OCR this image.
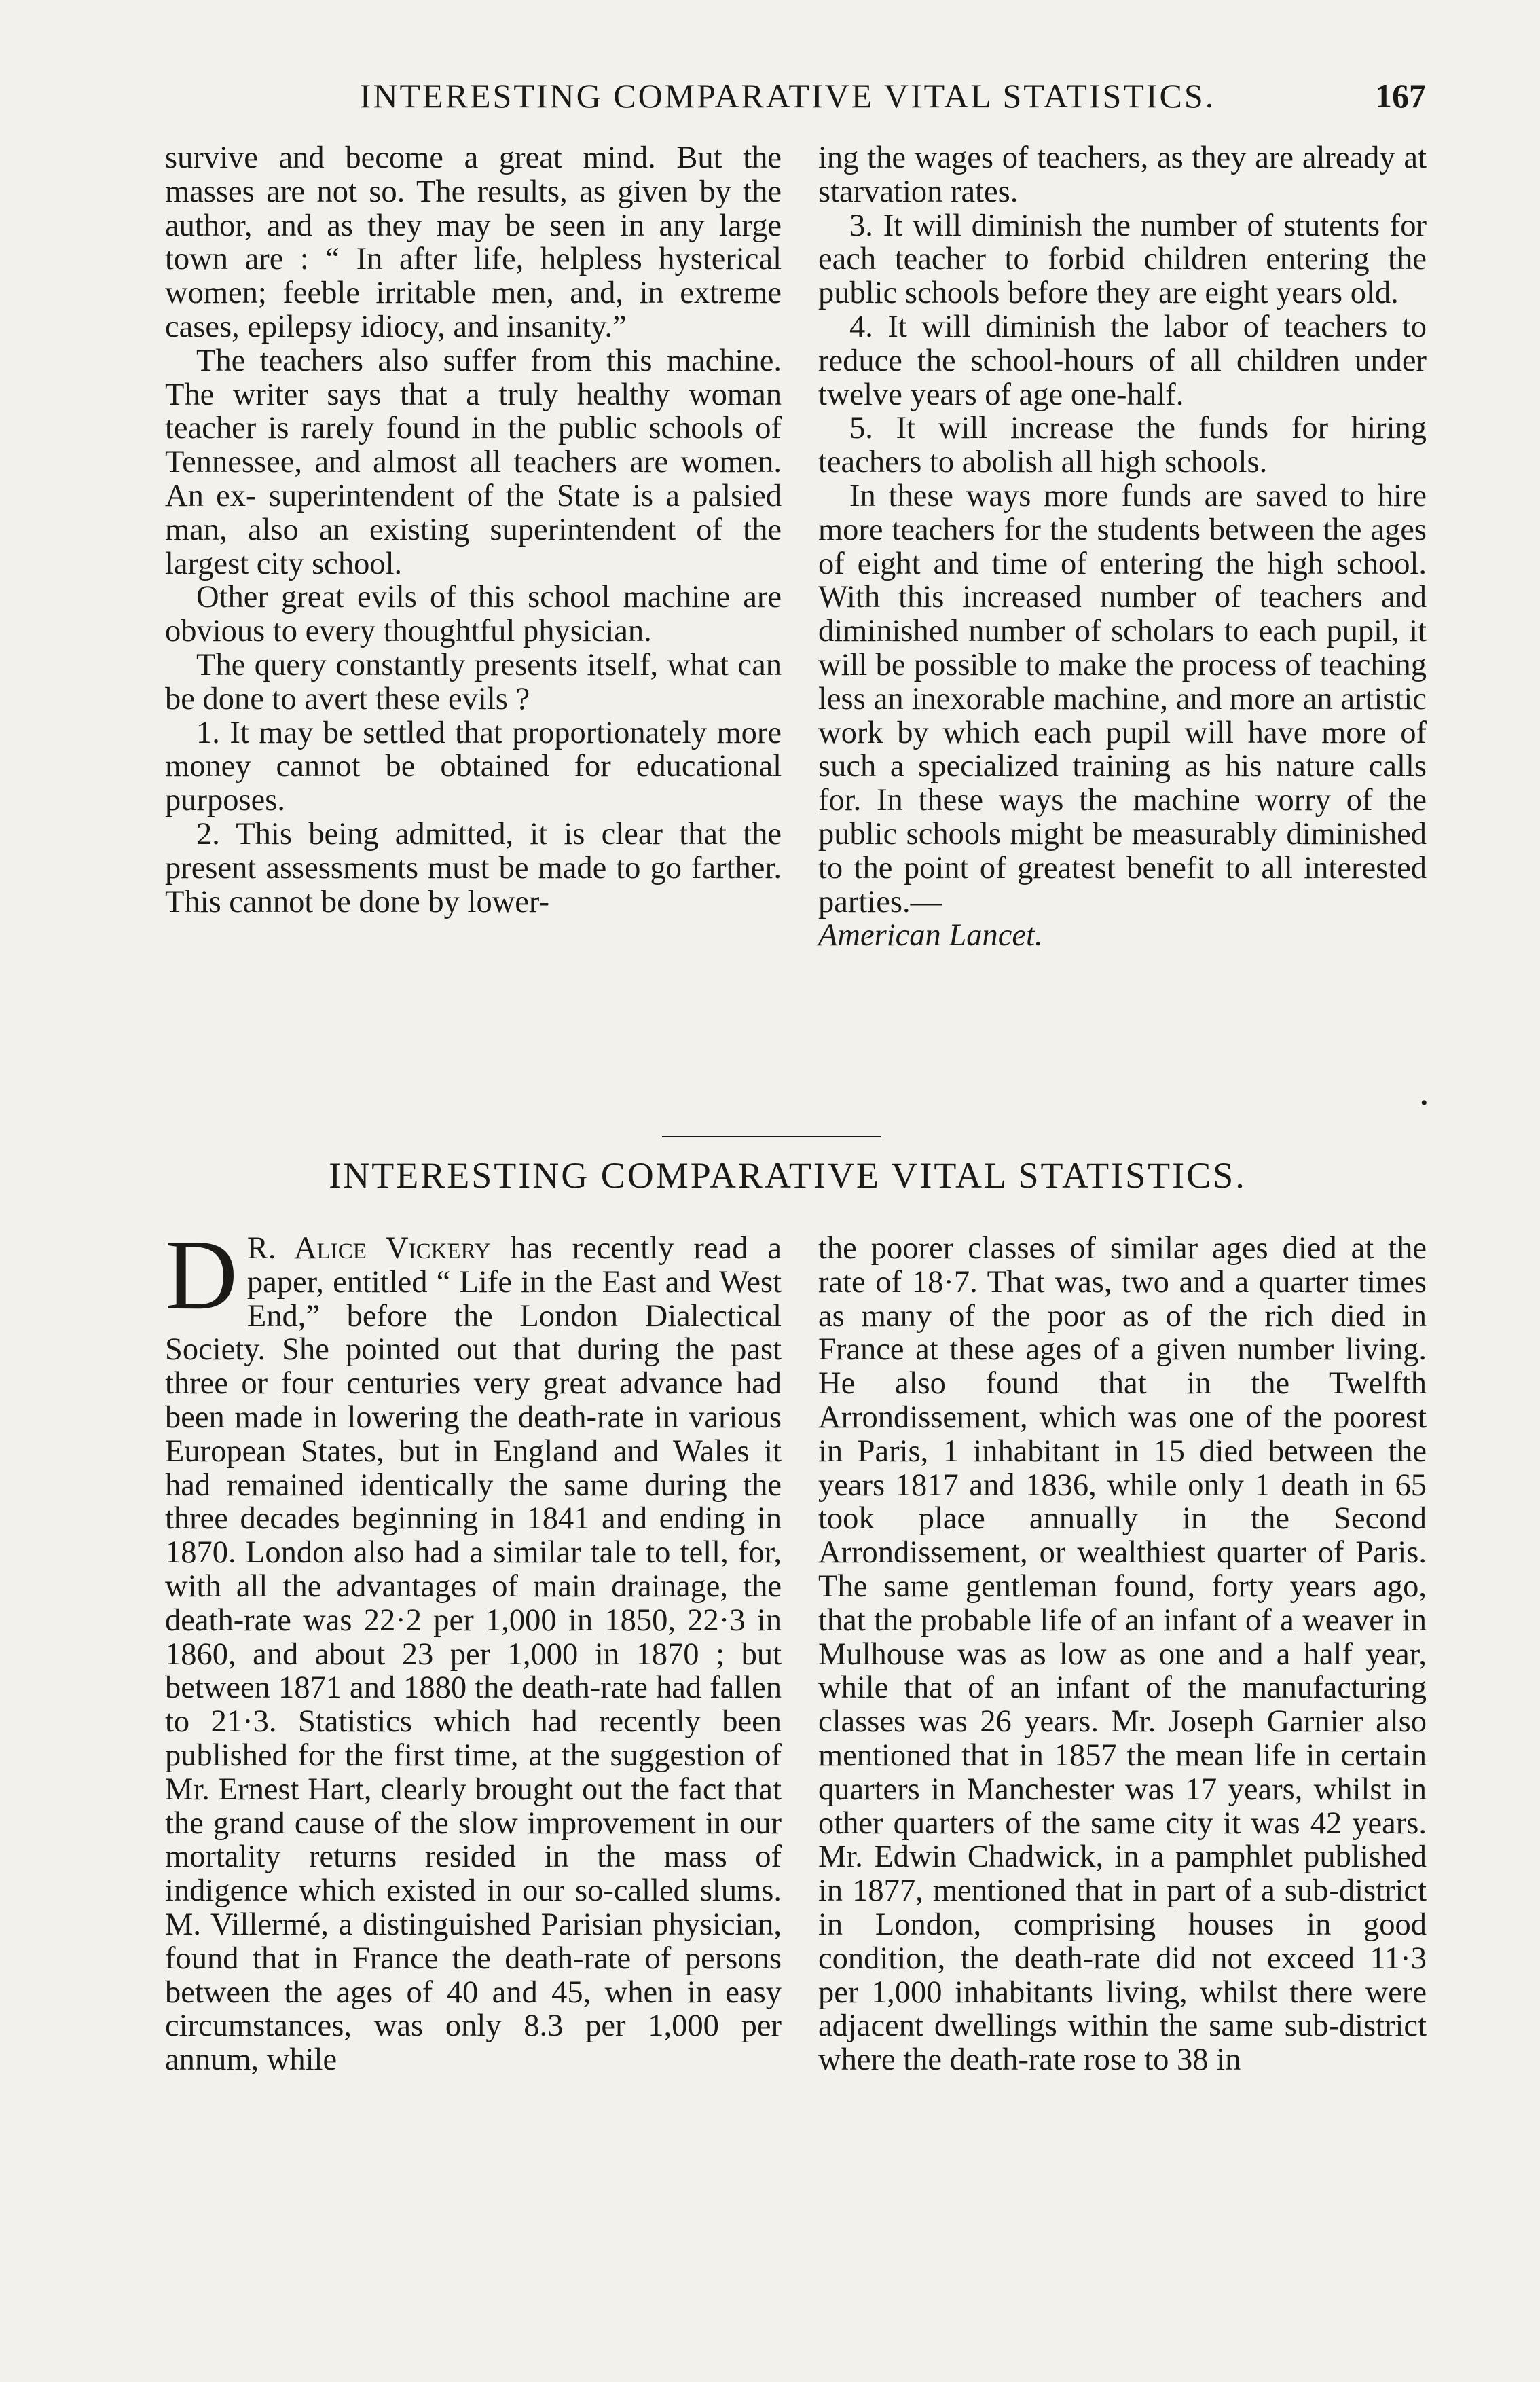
INTERESTING COMPARATIVE VITAL STATISTICS.	167

survive and become a great mind. But the masses are not so. The results, as given by the author, and as they may be seen in any large town are : “ In after life, helpless hysterical women; feeble irritable men, and, in extreme cases, epilepsy idiocy, and insanity.”

The teachers also suffer from this machine. The writer says that a truly healthy woman teacher is rarely found in the public schools of Tennessee, and almost all teachers are women. An ex- superintendent of the State is a palsied man, also an existing superintendent of the largest city school.

Other great evils of this school machine are obvious to every thoughtful physician.

The query constantly presents itself, what can be done to avert these evils ?

1. It may be settled that proportionately more money cannot be obtained for educational purposes.

2. This being admitted, it is clear that the present assessments must be made to go farther. This cannot be done by lower-

ing the wages of teachers, as they are already at starvation rates.

3. It will diminish the number of stutents for each teacher to forbid children entering the public schools before they are eight years old.

4. It will diminish the labor of teachers to reduce the school-hours of all children under twelve years of age one-half.

5. It will increase the funds for hiring teachers to abolish all high schools.

In these ways more funds are saved to hire more teachers for the students between the ages of eight and time of entering the high school. With this increased number of teachers and diminished number of scholars to each pupil, it will be possible to make the process of teaching less an inexorable machine, and more an artistic work by which each pupil will have more of such a specialized training as his nature calls for. In these ways the machine worry of the public schools might be measurably diminished to the point of greatest benefit to all interested parties.—

American Lancet.

•
INTERESTING COMPARATIVE VITAL STATISTICS.

D R. Alice Vickery has recently read a paper, entitled “ Life in the East and West End,” before the London Dialectical Society. She pointed out that during the past three or four centuries very great advance had been made in lowering the death-rate in various European States, but in England and Wales it had remained identically the same during the three decades beginning in 1841 and ending in 1870. London also had a similar tale to tell, for, with all the advantages of main drainage, the death-rate was 22·2 per 1,000 in 1850, 22·3 in 1860, and about 23 per 1,000 in 1870 ; but between 1871 and 1880 the death-rate had fallen to 21·3. Statistics which had recently been published for the first time, at the suggestion of Mr. Ernest Hart, clearly brought out the fact that the grand cause of the slow improvement in our mortality returns resided in the mass of indigence which existed in our so-called slums. M. Villermé, a distinguished Parisian physician, found that in France the death-rate of persons between the ages of 40 and 45, when in easy circumstances, was only 8.3 per 1,000 per annum, while

the poorer classes of similar ages died at the rate of 18·7. That was, two and a quarter times as many of the poor as of the rich died in France at these ages of a given number living. He also found that in the Twelfth Arrondissement, which was one of the poorest in Paris, 1 inhabitant in 15 died between the years 1817 and 1836, while only 1 death in 65 took place annually in the Second Arrondissement, or wealthiest quarter of Paris. The same gentleman found, forty years ago, that the probable life of an infant of a weaver in Mulhouse was as low as one and a half year, while that of an infant of the manufacturing classes was 26 years. Mr. Joseph Garnier also mentioned that in 1857 the mean life in certain quarters in Manchester was 17 years, whilst in other quarters of the same city it was 42 years. Mr. Edwin Chadwick, in a pamphlet published in 1877, mentioned that in part of a sub-district in London, comprising houses in good condition, the death-rate did not exceed 11·3 per 1,000 inhabitants living, whilst there were adjacent dwellings within the same sub-district where the death-rate rose to 38 in
